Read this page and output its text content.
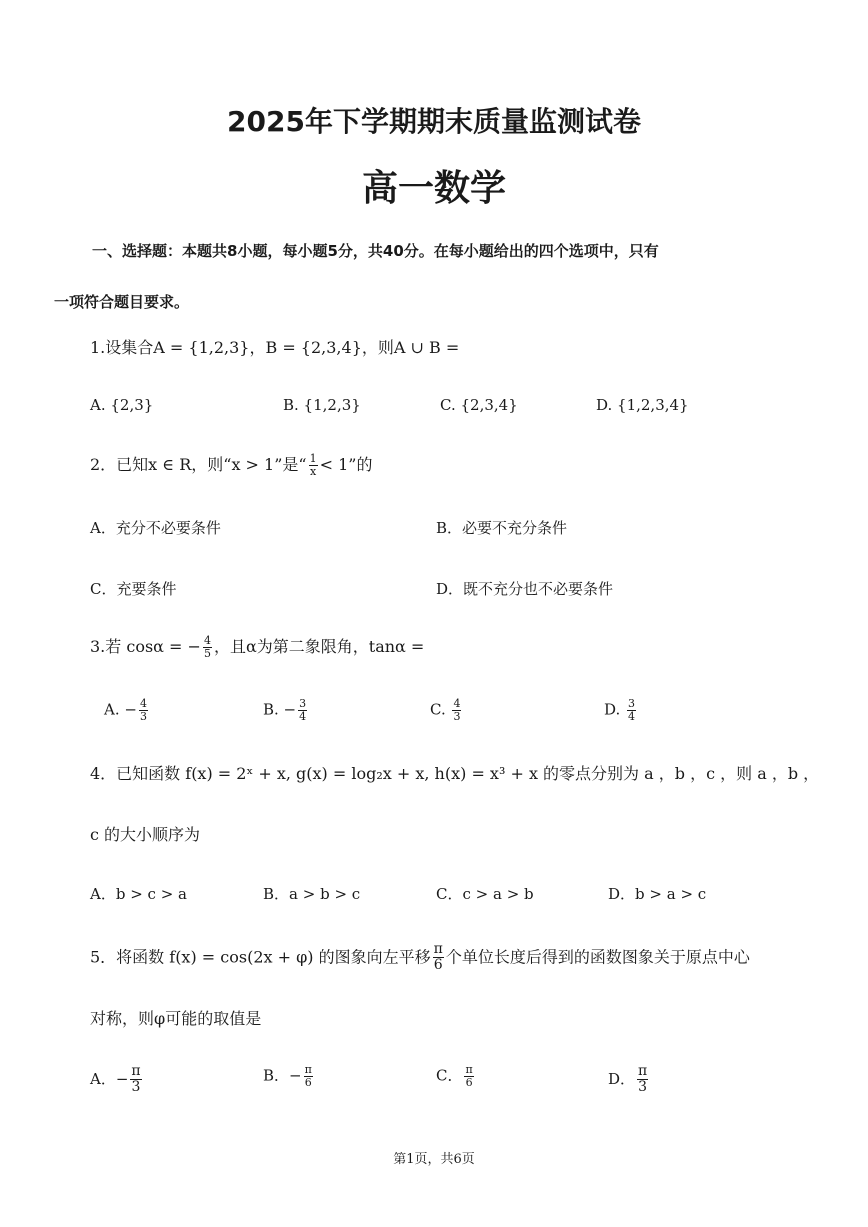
2025年下学期期末质量监测试卷
高一数学
一、选择题：本题共8小题，每小题5分，共40分。在每小题给出的四个选项中，只有
一项符合题目要求。
1.设集合A = {1,2,3}，B = {2,3,4}，则A ∪ B =
A. {2,3}	B. {1,2,3}	C. {2,3,4}	D. {1,2,3,4}
2．已知x ∈ R，则“x > 1”是“ $\frac{1}{x} < 1$”的
A．充分不必要条件	B．必要不充分条件
C．充要条件	D．既不充分也不必要条件
3.若 cosα = − $\frac{4}{5}$ ，且α为第二象限角，tanα =
A. − $\frac{4}{3}$	B. − $\frac{3}{4}$	C. $\frac{4}{3}$	D. $\frac{3}{4}$
4．已知函数 f(x) = 2ˣ + x, g(x) = log₂x + x, h(x) = x³ + x 的零点分别为 a ，b ，c ，则 a ，b ，
c 的大小顺序为
A．b > c > a	B．a > b > c	C．c > a > b	D．b > a > c
5．将函数 f(x) = cos(2x + φ) 的图象向左平移 $\frac{\pi}{6}$ 个单位长度后得到的函数图象关于原点中心
对称，则φ可能的取值是
A．− $\frac{\pi}{3}$	B．− $\frac{\pi}{6}$	C． $\frac{\pi}{6}$	D． $\frac{\pi}{3}$
第1页，共6页
